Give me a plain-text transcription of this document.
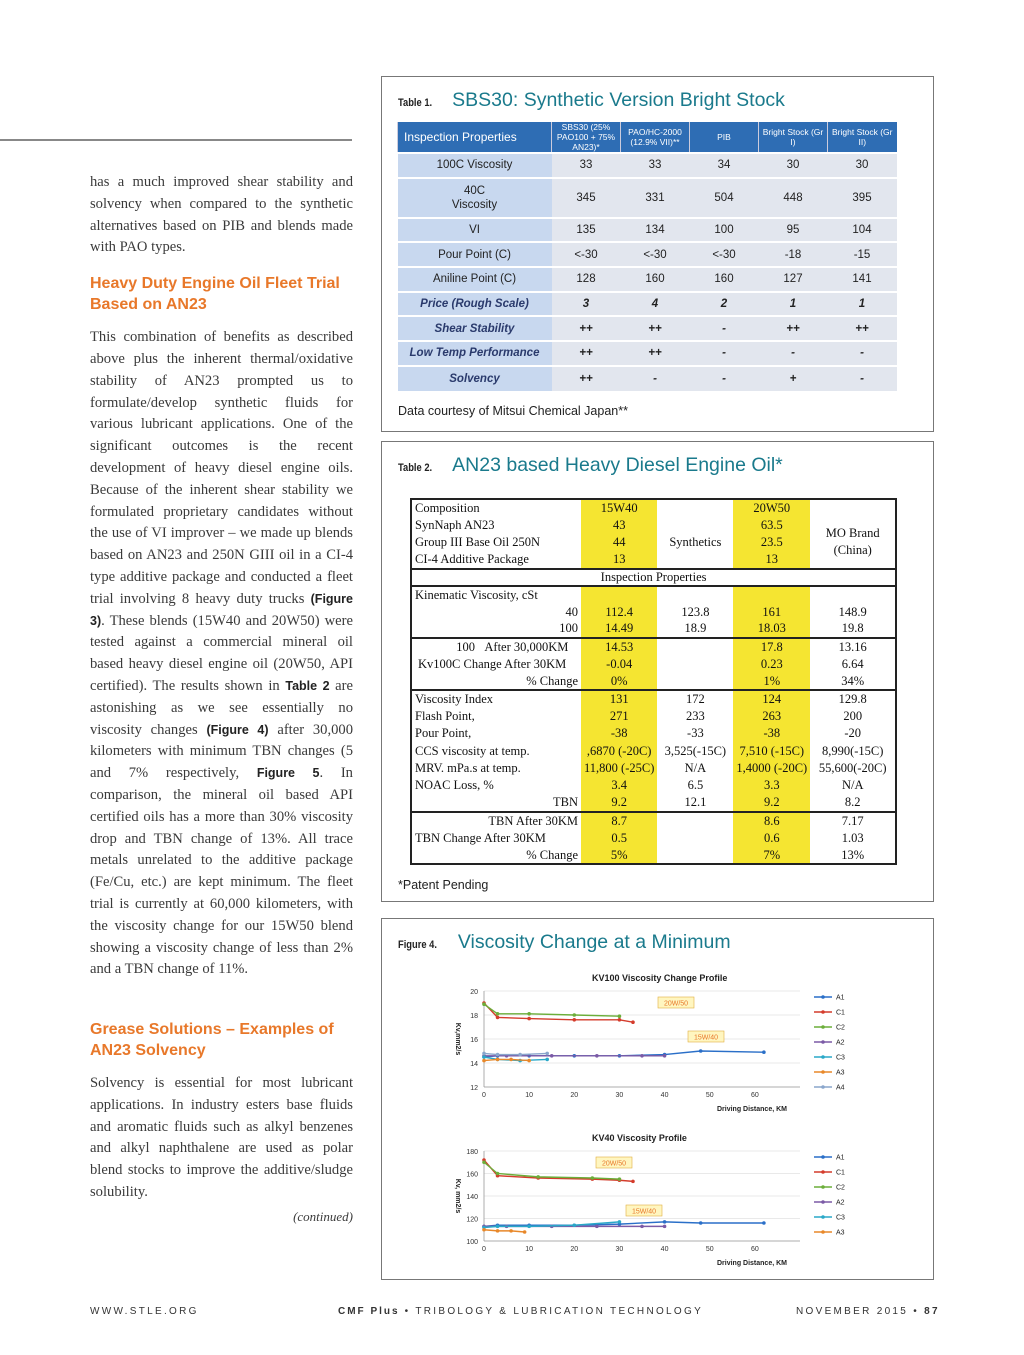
has a much improved shear stability and solvency when compared to the synthetic alternatives based on PIB and blends made with PAO types.

Heavy Duty Engine Oil Fleet Trial Based on AN23

This combination of benefits as described above plus the inherent thermal/oxidative stability of AN23 prompted us to formulate/develop synthetic fluids for various lubricant applications. One of the significant outcomes is the recent development of heavy diesel engine oils. Because of the inherent shear stability we formulated proprietary candidates without the use of VI improver – we made up blends based on AN23 and 250N GIII oil in a CI-4 type additive package and conducted a fleet trial involving 8 heavy duty trucks (Figure 3). These blends (15W40 and 20W50) were tested against a commercial mineral oil based heavy diesel engine oil (20W50, API certified). The results shown in Table 2 are astonishing as we see essentially no viscosity changes (Figure 4) after 30,000 kilometers with minimum TBN changes (5 and 7% respectively, Figure 5. In comparison, the mineral oil based API certified oils has a more than 30% viscosity drop and TBN change of 13%. All trace metals unrelated to the additive package (Fe/Cu, etc.) are kept minimum. The fleet trial is currently at 60,000 kilometers, with the viscosity change for our 15W50 blend showing a viscosity change of less than 2% and a TBN change of 11%.

Grease Solutions – Examples of AN23 Solvency

Solvency is essential for most lubricant applications. In industry esters base fluids and aromatic fluids such as alkyl benzenes and alkyl naphthalene are used as polar blend stocks to improve the additive/sludge solubility.

(continued)
Table 1. SBS30: Synthetic Version Bright Stock
Inspection Properties	SBS30 (25% PAO100 + 75% AN23)*	PAO/HC-2000 (12.9% VII)**	PIB	Bright Stock (Gr I)	Bright Stock (Gr II)
100C Viscosity	33	33	34	30	30
40C Viscosity	345	331	504	448	395
VI	135	134	100	95	104
Pour Point (C)	<-30	<-30	<-30	-18	-15
Aniline Point (C)	128	160	160	127	141
Price (Rough Scale)	3	4	2	1	1
Shear Stability	++	++	-	++	++
Low Temp Performance	++	++	-	-	-
Solvency	++	-	-	+	-
Data courtesy of Mitsui Chemical Japan**
Table 2. AN23 based Heavy Diesel Engine Oil*
Composition	15W40		20W50	
SynNaph AN23	43		63.5	MO Brand (China)
Group III Base Oil 250N	44	Synthetics	23.5	
CI-4 Additive Package	13		13	
Inspection Properties				
Kinematic Viscosity, cSt				
40	112.4	123.8	161	148.9
100	14.49	18.9	18.03	19.8
100 After 30,000KM	14.53		17.8	13.16
Kv100C Change After 30KM	-0.04		0.23	6.64
% Change	0%		1%	34%
Viscosity Index	131	172	124	129.8
Flash Point,	271	233	263	200
Pour Point,	-38	-33	-38	-20
CCS viscosity at temp.	,6870 (-20C)	3,525(-15C)	7,510 (-15C)	8,990(-15C)
MRV. mPa.s at temp.	11,800 (-25C)	N/A	1,4000 (-20C)	55,600(-20C)
NOAC Loss, %	3.4	6.5	3.3	N/A
TBN	9.2	12.1	9.2	8.2
TBN After 30KM	8.7		8.6	7.17
TBN Change After 30KM	0.5		0.6	1.03
% Change	5%		7%	13%
*Patent Pending
Figure 4. Viscosity Change at a Minimum
KV100 Viscosity Change Profile
12
14
16
18
20
0	10	20	30	40	50	60
Driving Distance, KM
Kv,mm2/s
20W/50
15W/40
A1
C1
C2
A2
C3
A3
A4
KV40 Viscosity Profile
100
120
140
160
180
0	10	20	30	40	50	60
Driving Distance, KM
Kv, mm2/s
20W/50
15W/40
A1
C1
C2
A2
C3
A3
WWW.STLE.ORG	CMF Plus • TRIBOLOGY & LUBRICATION TECHNOLOGY	NOVEMBER 2015 • 87
